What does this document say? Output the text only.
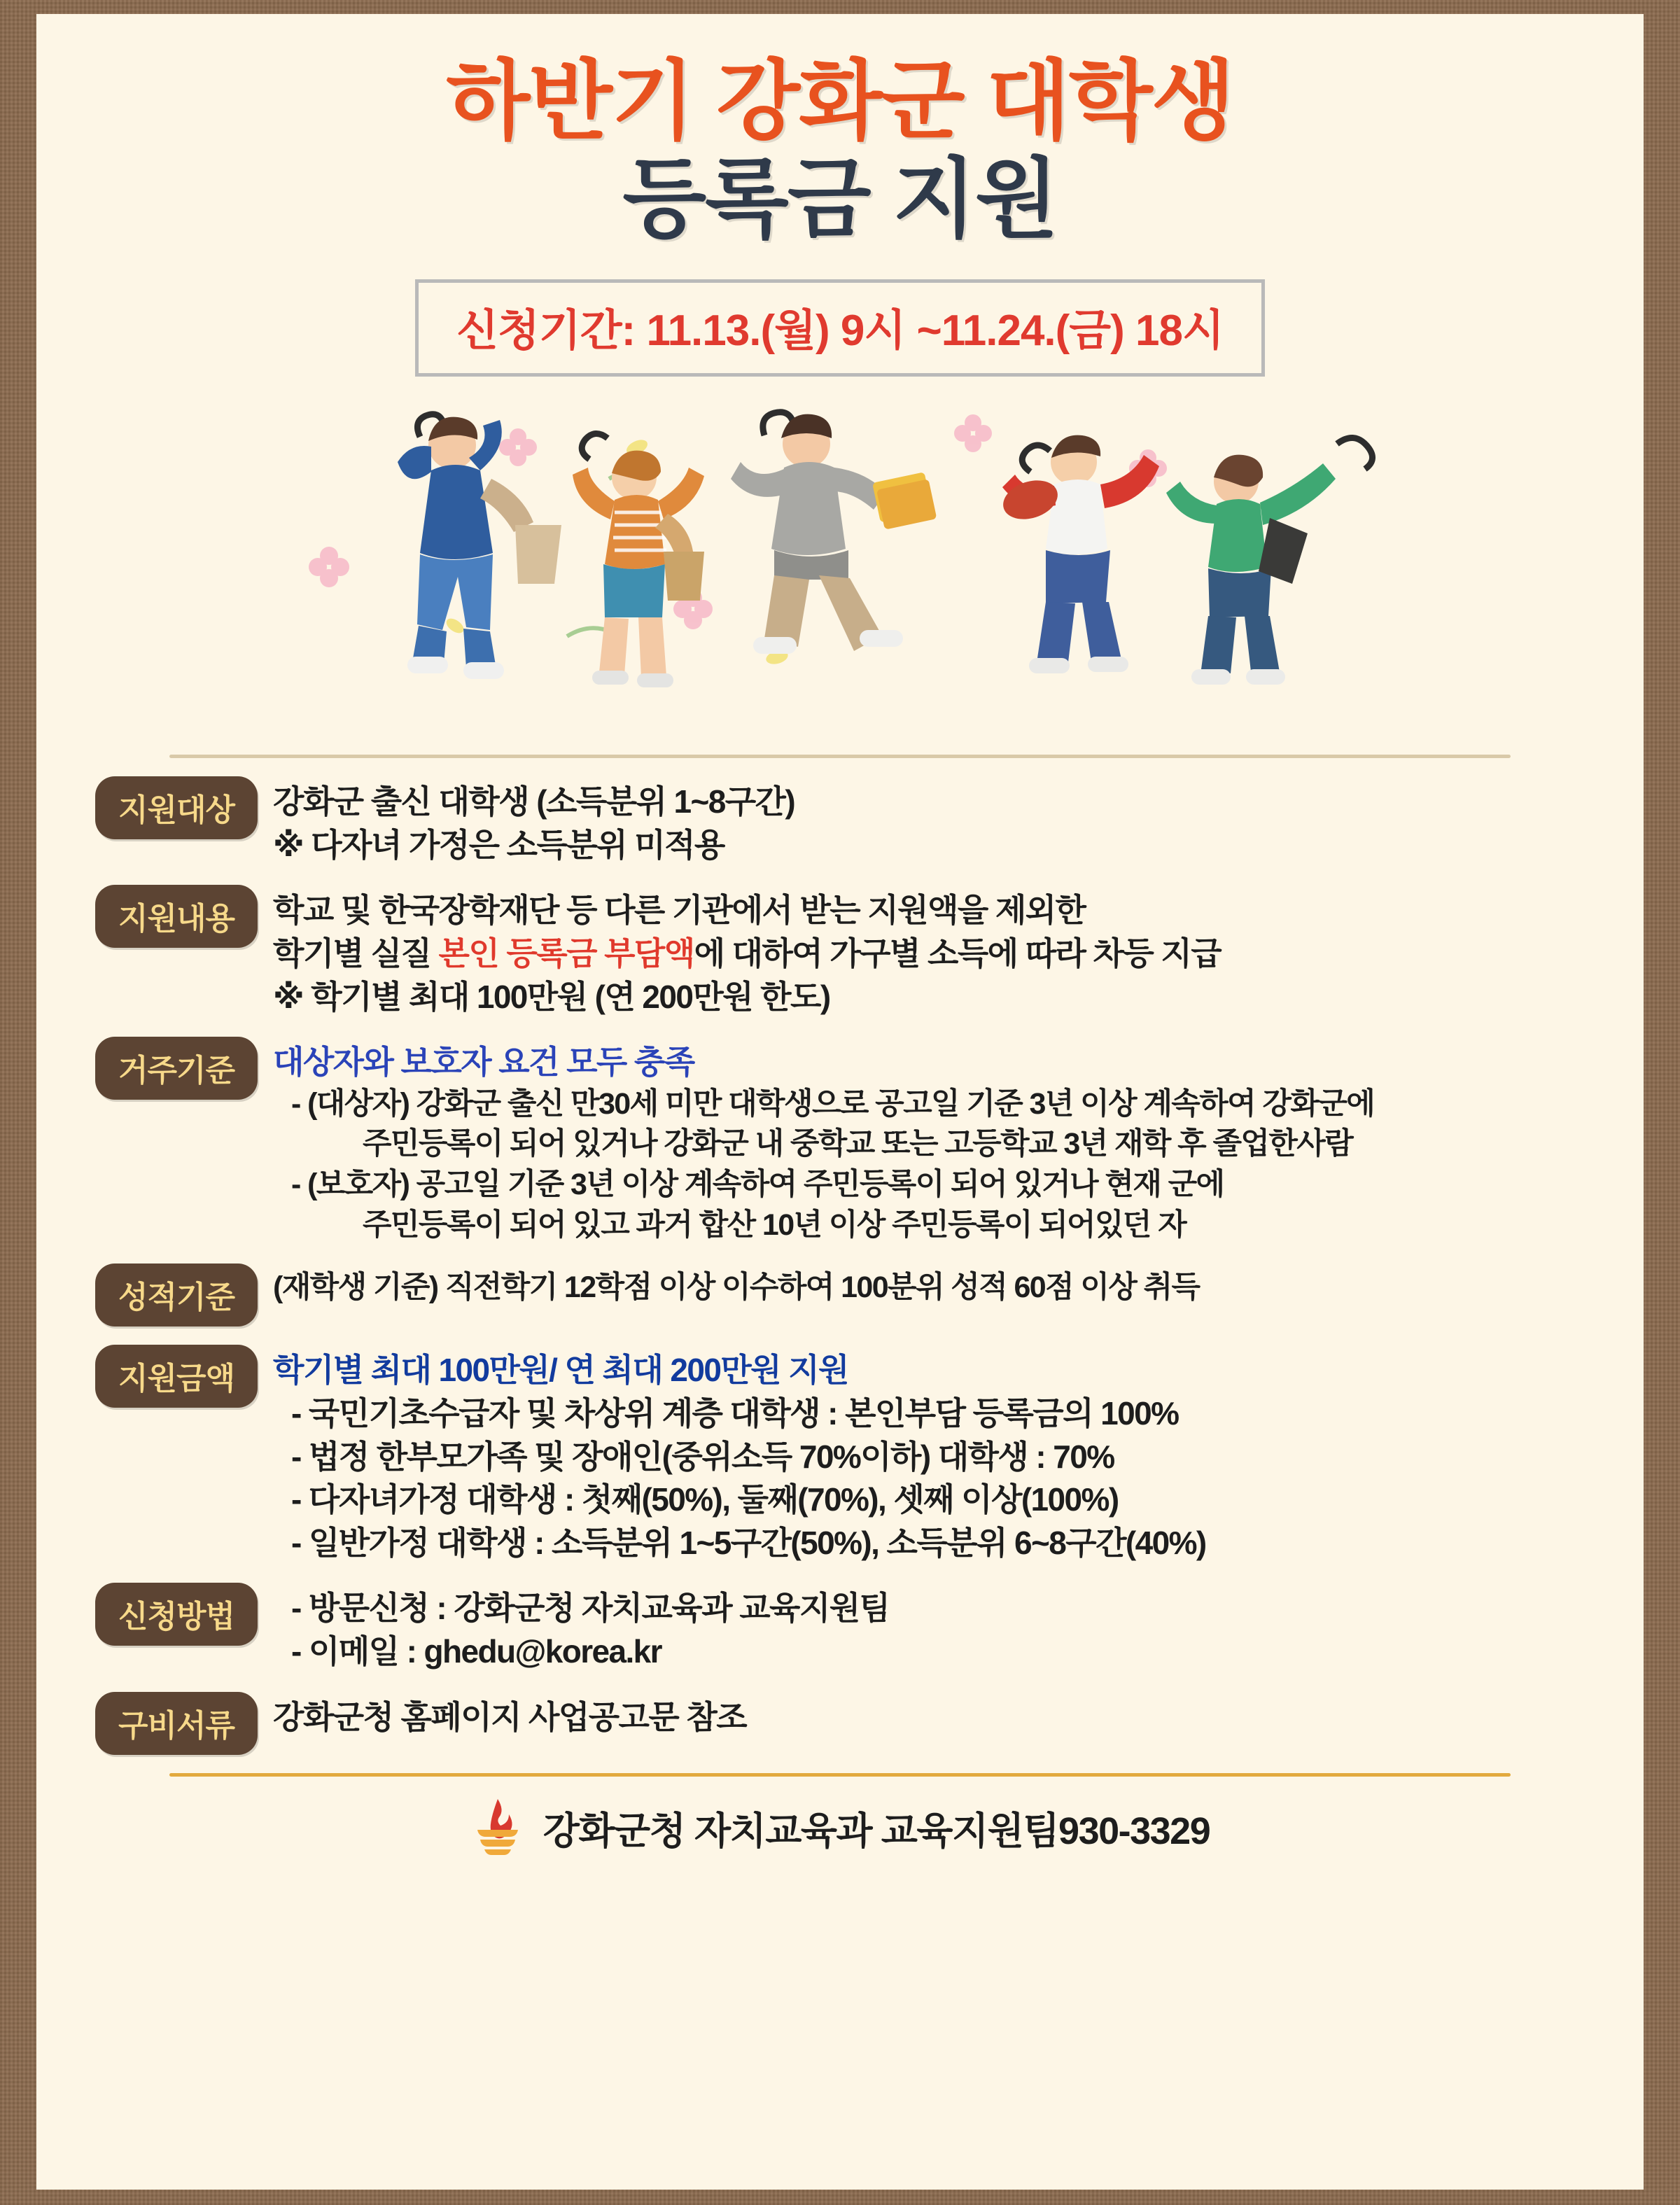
하반기 강화군 대학생
등록금 지원
신청기간: 11.13.(월) 9시 ~11.24.(금) 18시
지원대상	강화군 출신 대학생 (소득분위 1~8구간)
※ 다자녀 가정은 소득분위 미적용
지원내용	학교 및 한국장학재단 등 다른 기관에서 받는 지원액을 제외한
학기별 실질 본인 등록금 부담액에 대하여 가구별 소득에 따라 차등 지급
※ 학기별 최대 100만원 (연 200만원 한도)
거주기준	대상자와 보호자 요건 모두 충족
- (대상자) 강화군 출신 만30세 미만 대학생으로 공고일 기준 3년 이상 계속하여 강화군에
주민등록이 되어 있거나 강화군 내 중학교 또는 고등학교 3년 재학 후 졸업한사람
- (보호자) 공고일 기준 3년 이상 계속하여 주민등록이 되어 있거나 현재 군에
주민등록이 되어 있고 과거 합산 10년 이상 주민등록이 되어있던 자
성적기준	(재학생 기준) 직전학기 12학점 이상 이수하여 100분위 성적 60점 이상 취득
지원금액	학기별 최대 100만원/ 연 최대 200만원 지원
- 국민기초수급자 및 차상위 계층 대학생 : 본인부담 등록금의 100%
- 법정 한부모가족 및 장애인(중위소득 70%이하) 대학생 : 70%
- 다자녀가정 대학생 : 첫째(50%), 둘째(70%), 셋째 이상(100%)
- 일반가정 대학생 : 소득분위 1~5구간(50%), 소득분위 6~8구간(40%)
신청방법	- 방문신청 : 강화군청 자치교육과 교육지원팀
- 이메일 : ghedu@korea.kr
구비서류	강화군청 홈페이지 사업공고문 참조
강화군청 자치교육과 교육지원팀930-3329
